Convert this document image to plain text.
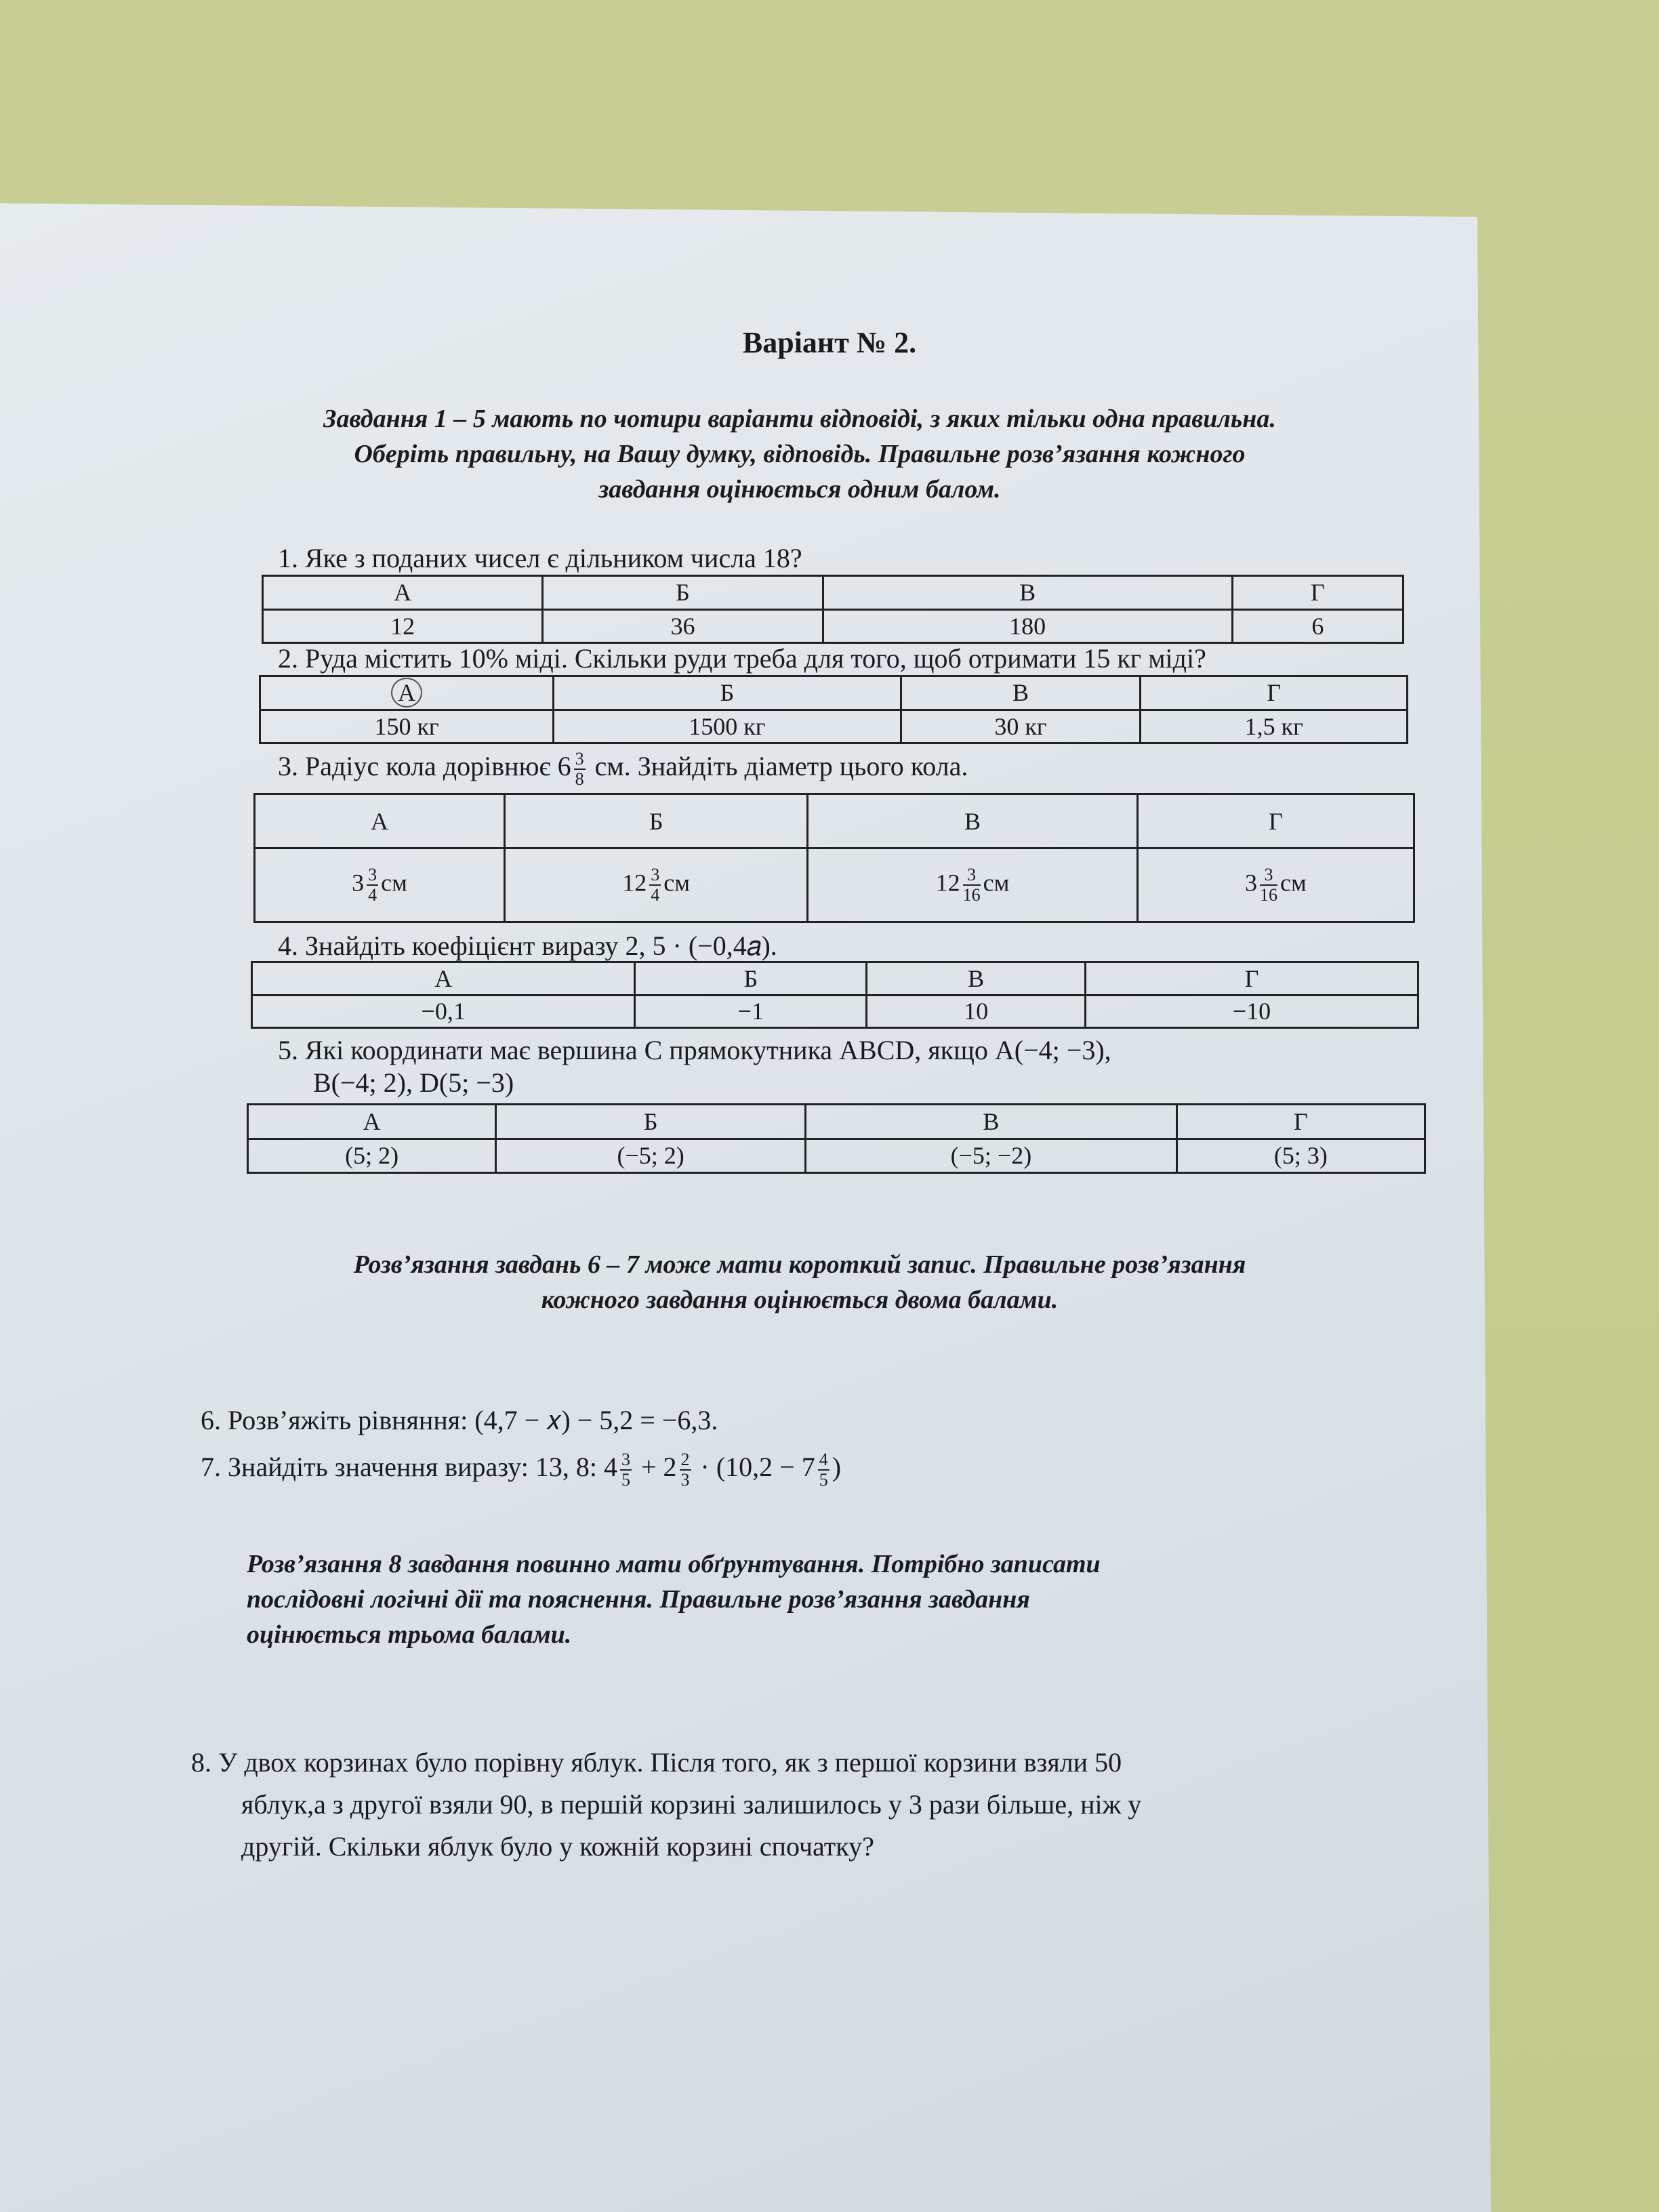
Варіант № 2.
Завдання 1 – 5 мають по чотири варіанти відповіді, з яких тільки одна правильна.
Оберіть правильну, на Вашу думку, відповідь. Правильне розв’язання кожного
завдання оцінюється одним балом.
1. Яке з поданих чисел є дільником числа 18?
А	Б	В	Г
12	36	180	6
2. Руда містить 10% міді. Скільки руди треба для того, щоб отримати 15 кг міді?
А	Б	В	Г
150 кг	1500 кг	30 кг	1,5 кг
3. Радіус кола дорівнює $6 \frac{3}{8}$ см. Знайдіть діаметр цього кола.
А	Б	В	Г
$3 \frac{3}{4}$ см	$12 \frac{3}{4}$ см	$12 \frac{3}{16}$ см	$3 \frac{3}{16}$ см
4. Знайдіть коефіцієнт виразу 2, 5 · (−0,4𝑎).
А	Б	В	Г
−0,1	−1	10	−10
5. Які координати має вершина С прямокутника ABCD, якщо A(−4; −3),
B(−4; 2), D(5; −3)
А	Б	В	Г
(5; 2)	(−5; 2)	(−5; −2)	(5; 3)
Розв’язання завдань 6 – 7 може мати короткий запис. Правильне розв’язання
кожного завдання оцінюється двома балами.
6. Розв’яжіть рівняння: (4,7 − 𝑥) − 5,2 = −6,3.
7. Знайдіть значення виразу: 13, 8: $4 \frac{3}{5} + 2 \frac{2}{3} \cdot (10,2 - 7 \frac{4}{5}$ )
Розв’язання 8 завдання повинно мати обґрунтування. Потрібно записати
послідовні логічні дії та пояснення. Правильне розв’язання завдання
оцінюється трьома балами.
8. У двох корзинах було порівну яблук. Після того, як з першої корзини взяли 50
яблук,а з другої взяли 90, в першій корзині залишилось у 3 рази більше, ніж у
другій. Скільки яблук було у кожній корзині спочатку?
